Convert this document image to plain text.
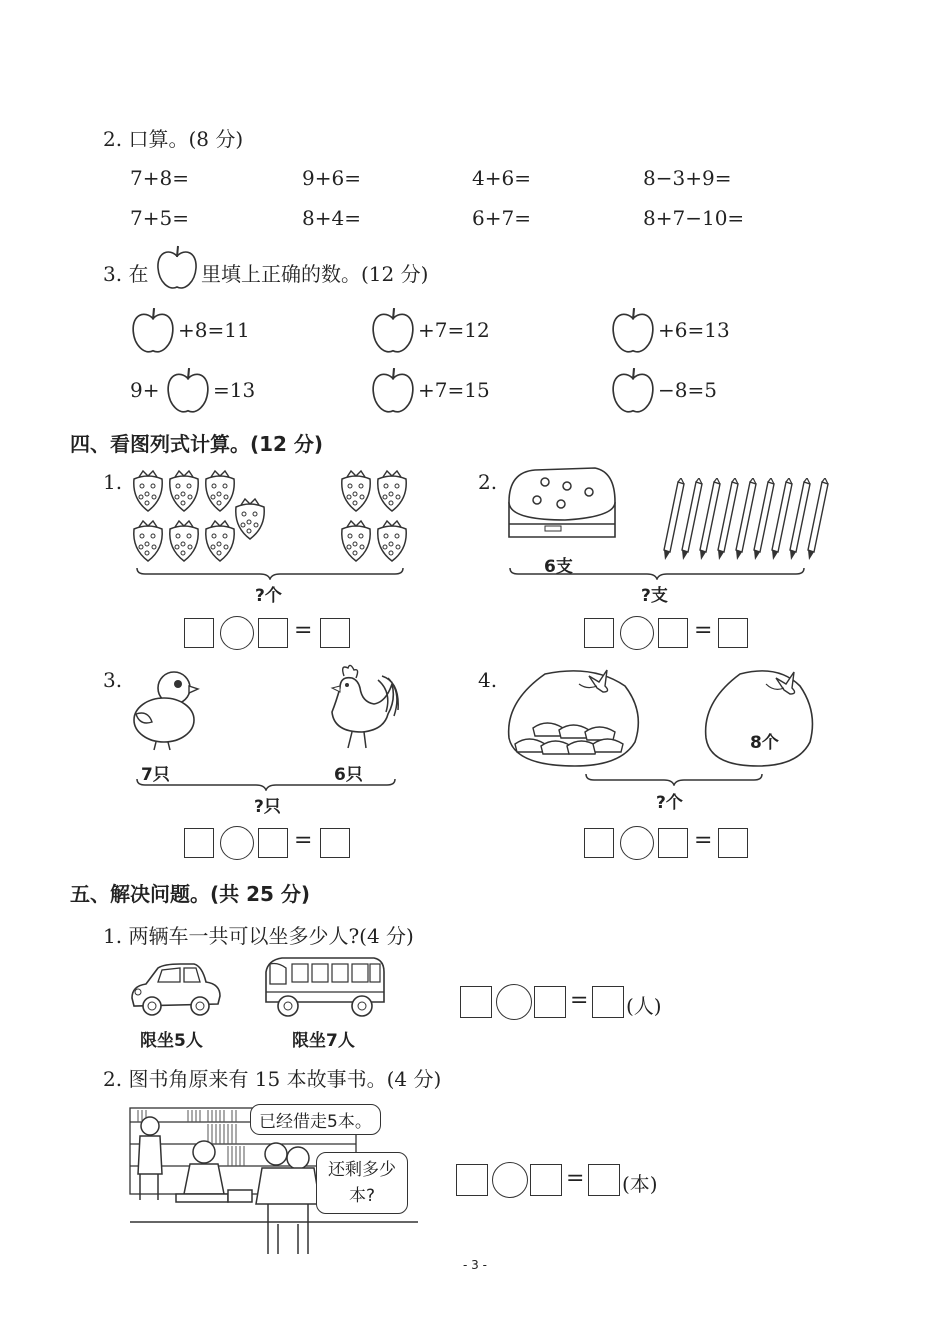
2. 口算。(8 分)
7+8=	9+6=	4+6=	8−3+9=
7+5=	8+4=	6+7=	8+7−10=
3. 在	里填上正确的数。(12 分)
+8=11	+7=12	+6=13
9+	=13	+7=15	−8=5
四、看图列式计算。(12 分)
1.
?个
=
2.
6支
?支
=
3.
7只	6只
?只
=
4.
8个
?个
=
五、解决问题。(共 25 分)
1. 两辆车一共可以坐多少人?(4 分)
限坐5人	限坐7人
= (人)
2. 图书角原来有 15 本故事书。(4 分)
已经借走5本。
还剩多少本?
= (本)
- 3 -
